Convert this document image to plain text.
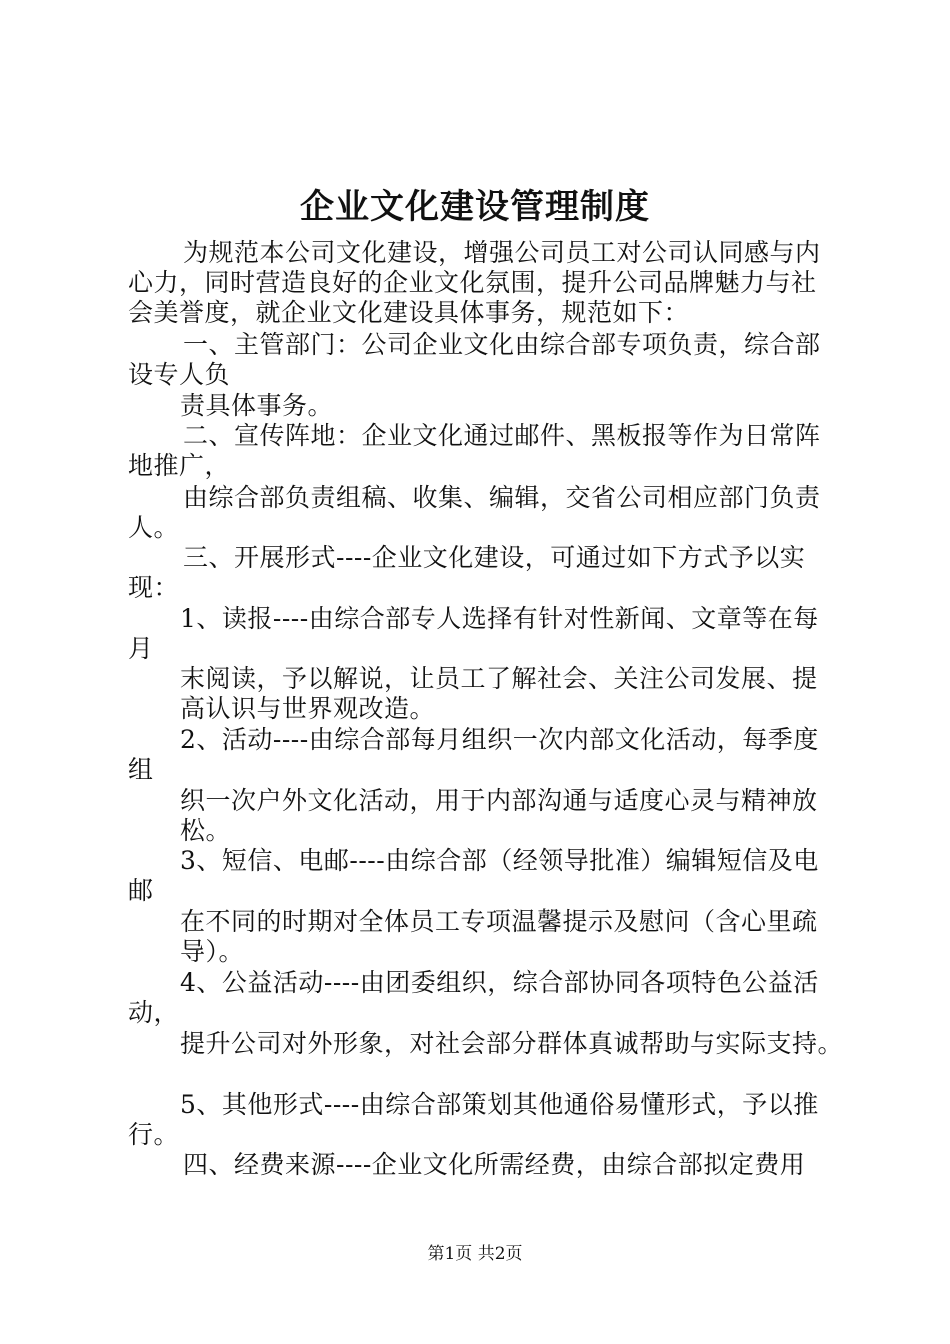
企业文化建设管理制度
为规范本公司文化建设，增强公司员工对公司认同感与内
心力，同时营造良好的企业文化氛围，提升公司品牌魅力与社
会美誉度，就企业文化建设具体事务，规范如下：
一、主管部门：公司企业文化由综合部专项负责，综合部
设专人负
责具体事务。
二、宣传阵地：企业文化通过邮件、黑板报等作为日常阵
地推广，
由综合部负责组稿、收集、编辑，交省公司相应部门负责
人。
三、开展形式----企业文化建设，可通过如下方式予以实
现：
1、读报----由综合部专人选择有针对性新闻、文章等在每
月
末阅读，予以解说，让员工了解社会、关注公司发展、提
高认识与世界观改造。
2、活动----由综合部每月组织一次内部文化活动，每季度
组
织一次户外文化活动，用于内部沟通与适度心灵与精神放
松。
3、短信、电邮----由综合部（经领导批准）编辑短信及电
邮
在不同的时期对全体员工专项温馨提示及慰问（含心里疏
导）。
4、公益活动----由团委组织，综合部协同各项特色公益活
动，
提升公司对外形象，对社会部分群体真诚帮助与实际支持。
5、其他形式----由综合部策划其他通俗易懂形式，予以推
行。
四、经费来源----企业文化所需经费，由综合部拟定费用
第1页 共2页
